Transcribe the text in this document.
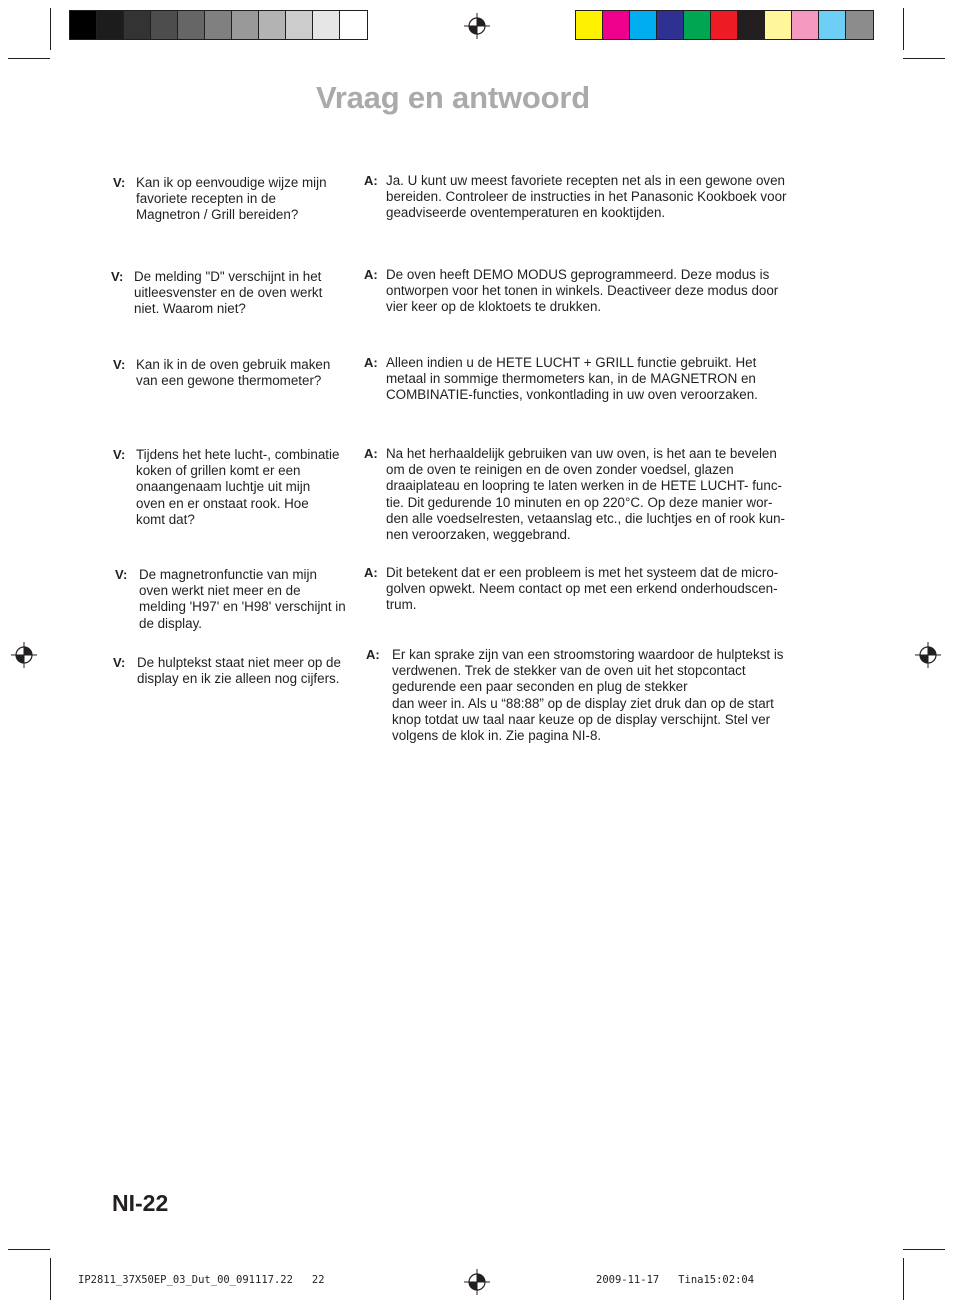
Vraag en antwoord
V: Kan ik op eenvoudige wijze mijn
favoriete recepten in de
Magnetron / Grill bereiden?
A: Ja. U kunt uw meest favoriete recepten net als in een gewone oven
bereiden. Controleer de instructies in het Panasonic Kookboek voor
geadviseerde oventemperaturen en kooktijden.
V: De melding "D" verschijnt in het
uitleesvenster en de oven werkt
niet. Waarom niet?
A: De oven heeft DEMO MODUS geprogrammeerd. Deze modus is
ontworpen voor het tonen in winkels. Deactiveer deze modus door
vier keer op de kloktoets te drukken.
V: Kan ik in de oven gebruik maken
van een gewone thermometer?
A: Alleen indien u de HETE LUCHT + GRILL functie gebruikt. Het
metaal in sommige thermometers kan, in de MAGNETRON en
COMBINATIE-functies, vonkontlading in uw oven veroorzaken.
V: Tijdens het hete lucht-, combinatie
koken of grillen komt er een
onaangenaam luchtje uit mijn
oven en er onstaat rook. Hoe
komt dat?
A: Na het herhaaldelijk gebruiken van uw oven, is het aan te bevelen
om de oven te reinigen en de oven zonder voedsel, glazen
draaiplateau en loopring te laten werken in de HETE LUCHT- func-
tie. Dit gedurende 10 minuten en op 220°C. Op deze manier wor-
den alle voedselresten, vetaanslag etc., die luchtjes en of rook kun-
nen veroorzaken, weggebrand.
V: De magnetronfunctie van mijn
oven werkt niet meer en de
melding 'H97' en 'H98' verschijnt in
de display.
A: Dit betekent dat er een probleem is met het systeem dat de micro-
golven opwekt. Neem contact op met een erkend onderhoudscen-
trum.
V: De hulptekst staat niet meer op de
display en ik zie alleen nog cijfers.
A: Er kan sprake zijn van een stroomstoring waardoor de hulptekst is
verdwenen. Trek de stekker van de oven uit het stopcontact
gedurende een paar seconden en plug de stekker
dan weer in. Als u “88:88” op de display ziet druk dan op de start
knop totdat uw taal naar keuze op de display verschijnt. Stel ver
volgens de klok in. Zie pagina NI-8.
NI-22
IP2811_37X50EP_03_Dut_00_091117.22   22	2009-11-17   Tina15:02:04
